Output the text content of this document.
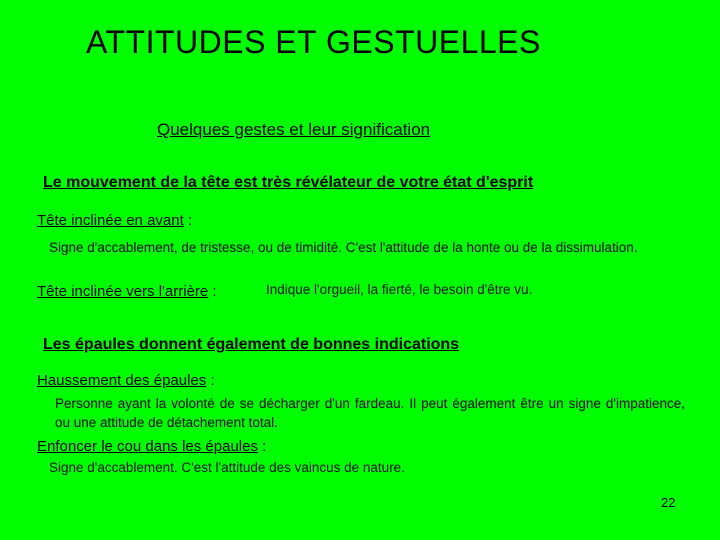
ATTITUDES ET GESTUELLES
Quelques gestes et leur signification
Le mouvement de la tête est très révélateur de votre état d'esprit
Tête inclinée en avant :
Signe d'accablement, de tristesse, ou de timidité. C'est l'attitude de la honte ou de la dissimulation.
Tête inclinée vers l'arrière :	Indique l'orgueil, la fierté, le besoin d'être vu.
Les épaules donnent également de bonnes indications
Haussement des épaules :
Personne ayant la volonté de se décharger d'un fardeau. Il peut également être un signe d'impatience, ou une attitude de détachement total.
Enfoncer le cou dans les épaules :
Signe d'accablement. C'est l'attitude des vaincus de nature.
22
